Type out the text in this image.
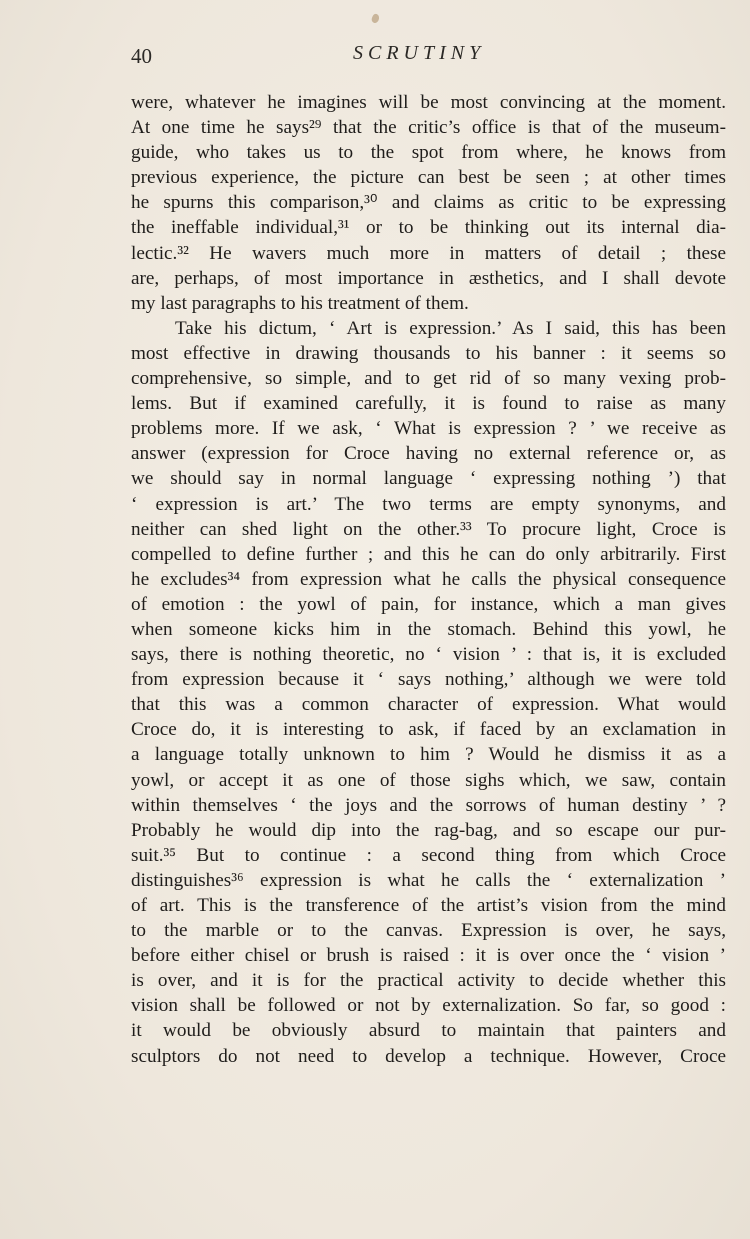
40	SCRUTINY
were, whatever he imagines will be most convincing at the moment.
At one time he says²⁹ that the critic’s office is that of the museum-
guide, who takes us to the spot from where, he knows from
previous experience, the picture can best be seen ; at other times
he spurns this comparison,³⁰ and claims as critic to be expressing
the ineffable individual,³¹ or to be thinking out its internal dia-
lectic.³² He wavers much more in matters of detail ; these
are, perhaps, of most importance in æsthetics, and I shall devote
my last paragraphs to his treatment of them.
Take his dictum, ‘ Art is expression.’ As I said, this has been
most effective in drawing thousands to his banner : it seems so
comprehensive, so simple, and to get rid of so many vexing prob-
lems. But if examined carefully, it is found to raise as many
problems more. If we ask, ‘ What is expression ? ’ we receive as
answer (expression for Croce having no external reference or, as
we should say in normal language ‘ expressing nothing ’) that
‘ expression is art.’ The two terms are empty synonyms, and
neither can shed light on the other.³³ To procure light, Croce is
compelled to define further ; and this he can do only arbitrarily. First
he excludes³⁴ from expression what he calls the physical consequence
of emotion : the yowl of pain, for instance, which a man gives
when someone kicks him in the stomach. Behind this yowl, he
says, there is nothing theoretic, no ‘ vision ’ : that is, it is excluded
from expression because it ‘ says nothing,’ although we were told
that this was a common character of expression. What would
Croce do, it is interesting to ask, if faced by an exclamation in
a language totally unknown to him ? Would he dismiss it as a
yowl, or accept it as one of those sighs which, we saw, contain
within themselves ‘ the joys and the sorrows of human destiny ’ ?
Probably he would dip into the rag-bag, and so escape our pur-
suit.³⁵ But to continue : a second thing from which Croce
distinguishes³⁶ expression is what he calls the ‘ externalization ’
of art. This is the transference of the artist’s vision from the mind
to the marble or to the canvas. Expression is over, he says,
before either chisel or brush is raised : it is over once the ‘ vision ’
is over, and it is for the practical activity to decide whether this
vision shall be followed or not by externalization. So far, so good :
it would be obviously absurd to maintain that painters and
sculptors do not need to develop a technique. However, Croce
